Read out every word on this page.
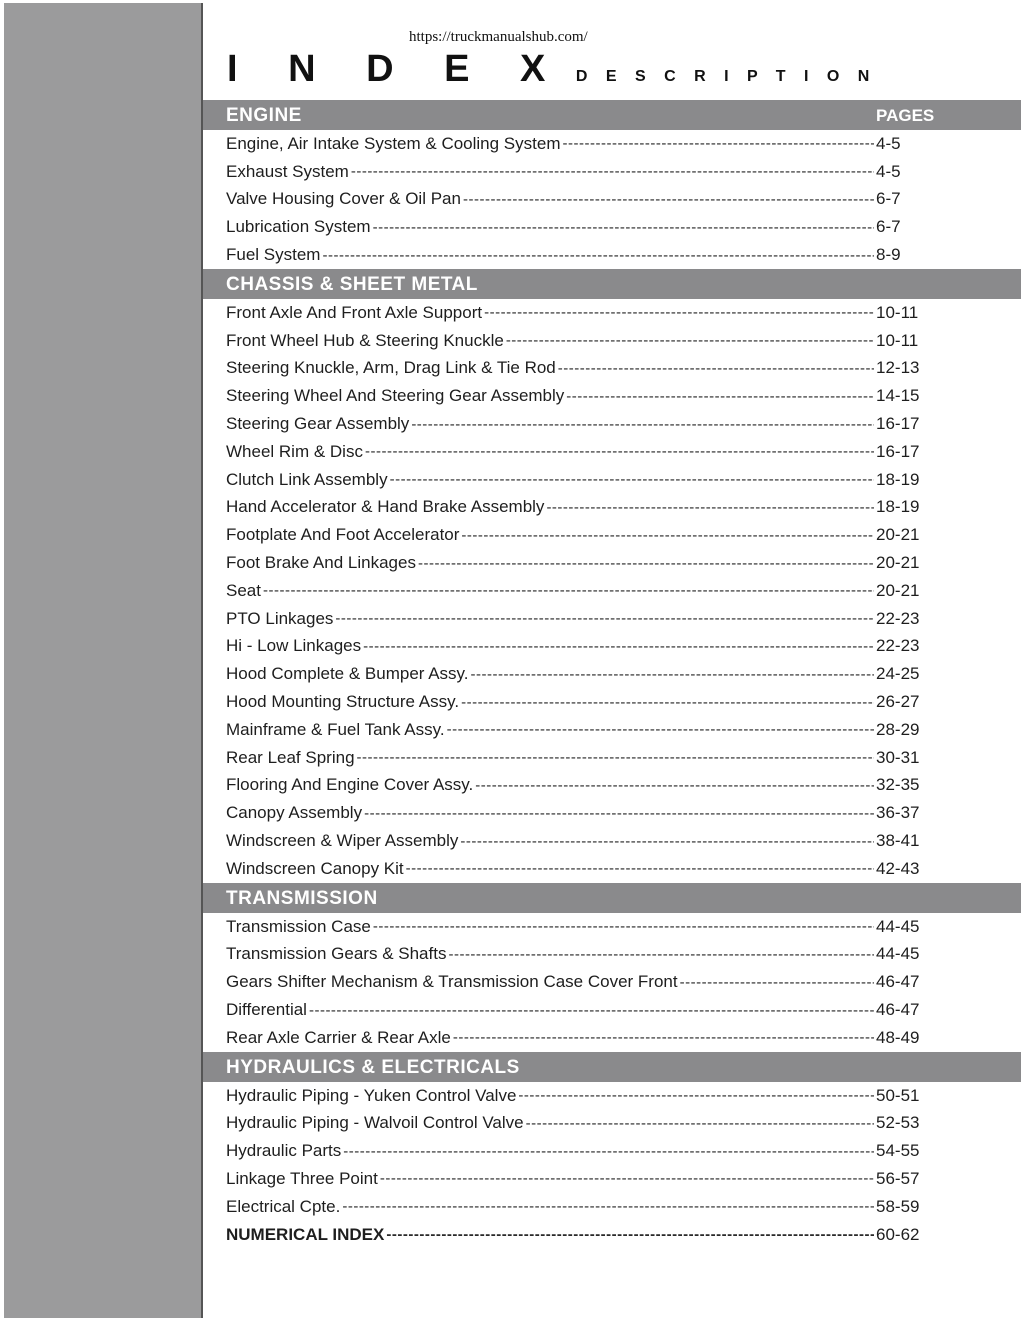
https://truckmanualshub.com/
I N D E X D E S C R I P T I O N
ENGINE	PAGES
Engine, Air Intake System & Cooling System -----	4-5
Exhaust System -----	4-5
Valve Housing Cover & Oil Pan -----	6-7
Lubrication System -----	6-7
Fuel System -----	8-9
CHASSIS & SHEET METAL
Front Axle And Front Axle Support -----	10-11
Front Wheel Hub & Steering Knuckle -----	10-11
Steering Knuckle, Arm, Drag Link & Tie Rod -----	12-13
Steering Wheel And Steering Gear Assembly -----	14-15
Steering Gear Assembly -----	16-17
Wheel Rim & Disc -----	16-17
Clutch Link Assembly -----	18-19
Hand Accelerator & Hand Brake Assembly -----	18-19
Footplate And Foot Accelerator -----	20-21
Foot Brake And Linkages -----	20-21
Seat -----	20-21
PTO Linkages -----	22-23
Hi - Low Linkages -----	22-23
Hood Complete & Bumper Assy. -----	24-25
Hood Mounting Structure Assy. -----	26-27
Mainframe & Fuel Tank Assy. -----	28-29
Rear Leaf Spring -----	30-31
Flooring And Engine Cover Assy. -----	32-35
Canopy Assembly -----	36-37
Windscreen & Wiper Assembly -----	38-41
Windscreen Canopy Kit -----	42-43
TRANSMISSION
Transmission Case -----	44-45
Transmission Gears & Shafts -----	44-45
Gears Shifter Mechanism & Transmission Case Cover Front -----	46-47
Differential -----	46-47
Rear Axle Carrier & Rear Axle -----	48-49
HYDRAULICS & ELECTRICALS
Hydraulic Piping - Yuken Control Valve -----	50-51
Hydraulic Piping - Walvoil Control Valve -----	52-53
Hydraulic Parts -----	54-55
Linkage Three Point -----	56-57
Electrical Cpte. -----	58-59
NUMERICAL INDEX -----	60-62
